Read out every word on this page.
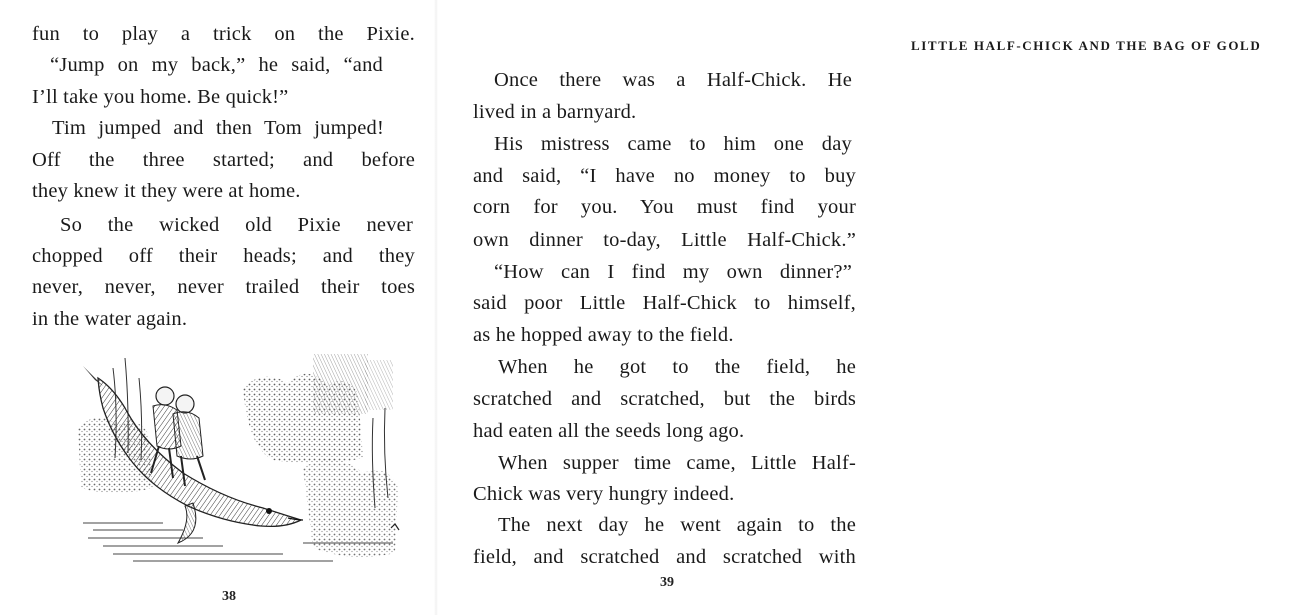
fun to play a trick on the Pixie.
“Jump on my back,” he said, “and
I’ll take you home. Be quick!”
Tim jumped and then Tom jumped!
Off the three started; and before
they knew it they were at home.
So the wicked old Pixie never
chopped off their heads; and they
never, never, never trailed their toes
in the water again.
38
LITTLE HALF-CHICK AND THE BAG OF GOLD
Once there was a Half-Chick. He
lived in a barnyard.
His mistress came to him one day
and said, “I have no money to buy
corn for you. You must find your
own dinner to-day, Little Half-Chick.”
“How can I find my own dinner?”
said poor Little Half-Chick to himself,
as he hopped away to the field.
When he got to the field, he
scratched and scratched, but the birds
had eaten all the seeds long ago.
When supper time came, Little Half-
Chick was very hungry indeed.
The next day he went again to the
field, and scratched and scratched with
39
